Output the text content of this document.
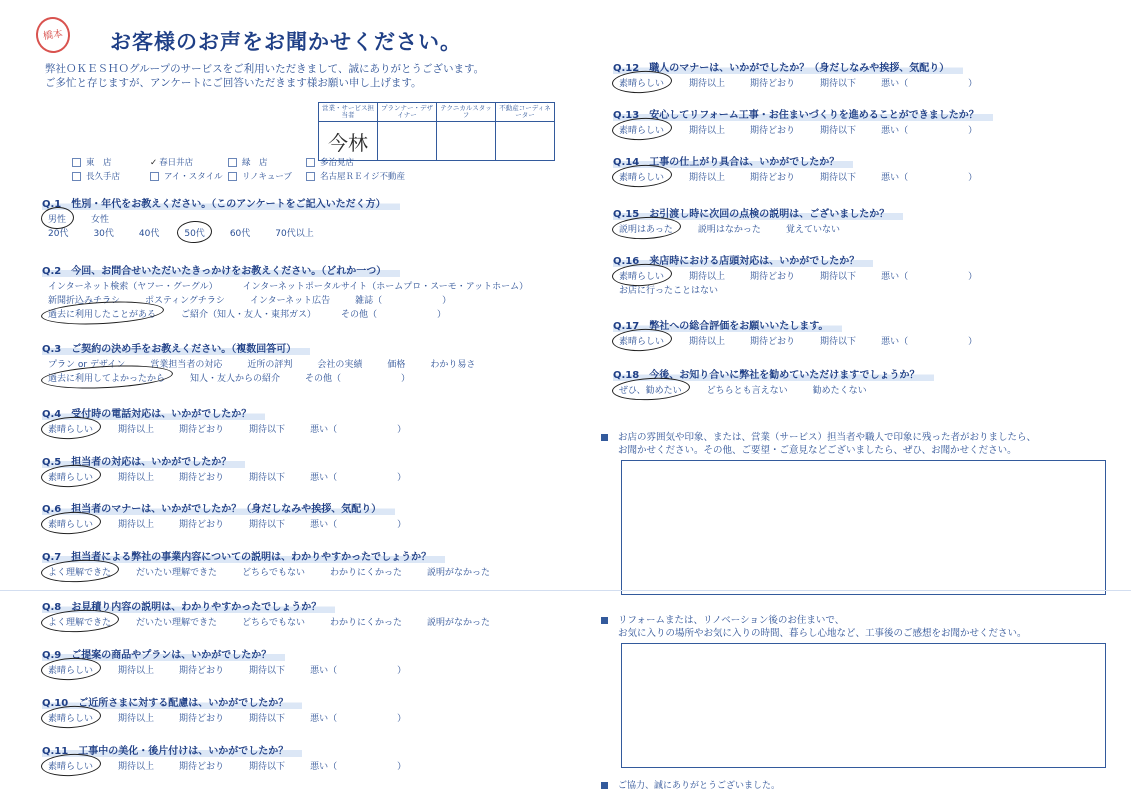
橋本 お客様のお声をお聞かせください。
弊社ＯＫＥＳＨＯグループのサービスをご利用いただきまして、誠にありがとうございます。
ご多忙と存じますが、アンケートにご回答いただきます様お願い申し上げます。
営業・サービス担当者	プランナー・デザイナー	テクニカルスタッフ	不動産コーディネーター
今林			
東　店	✓ 春日井店	緑　店	多治見店
長久手店	アイ・スタイル	リノキューブ	名古屋ＲＥイジ不動産
Q.1 性別・年代をお教えください。（このアンケートをご記入いただく方）
男性	女性
20代	30代	40代	50代	60代	70代以上
Q.2 今回、お問合せいただいたきっかけをお教えください。（どれか一つ）
インターネット検索（ヤフー・グーグル）	インターネットポータルサイト（ホームプロ・スーモ・アットホーム）
新聞折込みチラシ	ポスティングチラシ	インターネット広告	雑誌（	）
過去に利用したことがある	ご紹介（知人・友人・東邦ガス）	その他（	）
Q.3 ご契約の決め手をお教えください。（複数回答可）
プラン or デザイン	営業担当者の対応	近所の評判	会社の実績	価格	わかり易さ
過去に利用してよかったから	知人・友人からの紹介	その他（	）
Q.4 受付時の電話対応は、いかがでしたか？
素晴らしい	期待以上	期待どおり	期待以下	悪い（	）
Q.5 担当者の対応は、いかがでしたか？
素晴らしい	期待以上	期待どおり	期待以下	悪い（	）
Q.6 担当者のマナーは、いかがでしたか？（身だしなみや挨拶、気配り）
素晴らしい	期待以上	期待どおり	期待以下	悪い（	）
Q.7 担当者による弊社の事業内容についての説明は、わかりやすかったでしょうか？
よく理解できた	だいたい理解できた	どちらでもない	わかりにくかった	説明がなかった
Q.8 お見積り内容の説明は、わかりやすかったでしょうか？
よく理解できた	だいたい理解できた	どちらでもない	わかりにくかった	説明がなかった
Q.9 ご提案の商品やプランは、いかがでしたか？
素晴らしい	期待以上	期待どおり	期待以下	悪い（	）
Q.10 ご近所さまに対する配慮は、いかがでしたか？
素晴らしい	期待以上	期待どおり	期待以下	悪い（	）
Q.11 工事中の美化・後片付けは、いかがでしたか？
素晴らしい	期待以上	期待どおり	期待以下	悪い（	）
Q.12 職人のマナーは、いかがでしたか？（身だしなみや挨拶、気配り）
素晴らしい	期待以上	期待どおり	期待以下	悪い（	）
Q.13 安心してリフォーム工事・お住まいづくりを進めることができましたか？
素晴らしい	期待以上	期待どおり	期待以下	悪い（	）
Q.14 工事の仕上がり具合は、いかがでしたか？
素晴らしい	期待以上	期待どおり	期待以下	悪い（	）
Q.15 お引渡し時に次回の点検の説明は、ございましたか？
説明はあった	説明はなかった	覚えていない
Q.16 来店時における店頭対応は、いかがでしたか？
素晴らしい	期待以上	期待どおり	期待以下	悪い（	）
お店に行ったことはない
Q.17 弊社への総合評価をお願いいたします。
素晴らしい	期待以上	期待どおり	期待以下	悪い（	）
Q.18 今後、お知り合いに弊社を勧めていただけますでしょうか？
ぜひ、勧めたい	どちらとも言えない	勧めたくない
お店の雰囲気や印象、または、営業（サービス）担当者や職人で印象に残った者がおりましたら、
お聞かせください。その他、ご要望・ご意見などございましたら、ぜひ、お聞かせください。
リフォームまたは、リノベーション後のお住まいで、
お気に入りの場所やお気に入りの時間、暮らし心地など、工事後のご感想をお聞かせください。
ご協力、誠にありがとうございました。
